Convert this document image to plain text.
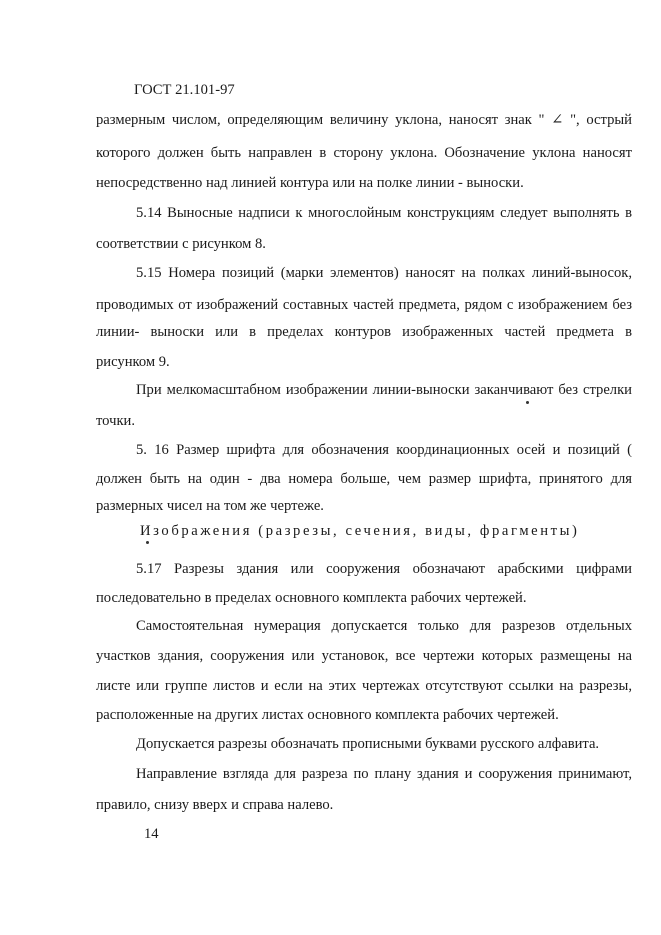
ГОСТ 21.101-97
размерным числом, определяющим величину уклона, наносят знак " ∠ ", острый
которого должен быть направлен в сторону уклона. Обозначение уклона наносят
непосредственно над линией контура или на полке линии - выноски.
5.14 Выносные надписи к многослойным конструкциям следует выполнять в
соответствии с рисунком 8.
5.15 Номера позиций (марки элементов) наносят на полках линий-выносок,
проводимых от изображений составных частей предмета, рядом с изображением без
линии- выноски или в пределах контуров изображенных частей предмета в
рисунком 9.
При мелкомасштабном изображении линии-выноски заканчивают без стрелки
точки.
5. 16 Размер шрифта для обозначения координационных осей и позиций (
должен быть на один - два номера больше, чем размер шрифта, принятого для
размерных чисел на том же чертеже.
Изображения (разрезы, сечения, виды, фрагменты)
5.17 Разрезы здания или сооружения обозначают арабскими цифрами
последовательно в пределах основного комплекта рабочих чертежей.
Самостоятельная нумерация допускается только для разрезов отдельных
участков здания, сооружения или установок, все чертежи которых размещены на
листе или группе листов и если на этих чертежах отсутствуют ссылки на разрезы,
расположенные на других листах основного комплекта рабочих чертежей.
Допускается разрезы обозначать прописными буквами русского алфавита.
Направление взгляда для разреза по плану здания и сооружения принимают,
правило, снизу вверх и справа налево.
14
